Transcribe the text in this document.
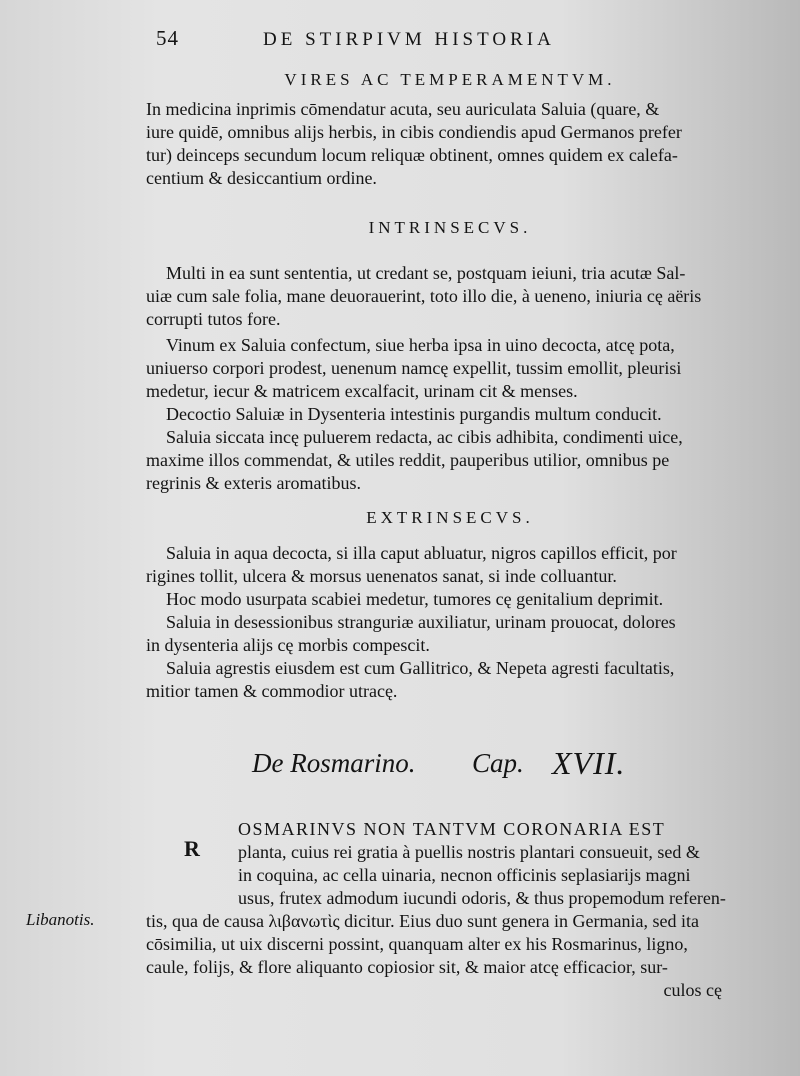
54	DE STIRPIVM HISTORIA
VIRES AC TEMPERAMENTVM.
In medicina inprimis cōmendatur acuta, seu auriculata Saluia (quare, &
iure quidē, omnibus alijs herbis, in cibis condiendis apud Germanos prefer
tur) deinceps secundum locum reliquæ obtinent, omnes quidem ex calefa-
centium & desiccantium ordine.
INTRINSECVS.
Multi in ea sunt sententia, ut credant se, postquam ieiuni, tria acutæ Sal-
uiæ cum sale folia, mane deuorauerint, toto illo die, à ueneno, iniuria cę aëris
corrupti tutos fore.
Vinum ex Saluia confectum, siue herba ipsa in uino decocta, atcę pota,
uniuerso corpori prodest, uenenum namcę expellit, tussim emollit, pleurisi
medetur, iecur & matricem excalfacit, urinam cit & menses.
Decoctio Saluiæ in Dysenteria intestinis purgandis multum conducit.
Saluia siccata incę puluerem redacta, ac cibis adhibita, condimenti uice,
maxime illos commendat, & utiles reddit, pauperibus utilior, omnibus pe
regrinis & exteris aromatibus.
EXTRINSECVS.
Saluia in aqua decocta, si illa caput abluatur, nigros capillos efficit, por
rigines tollit, ulcera & morsus uenenatos sanat, si inde colluantur.
Hoc modo usurpata scabiei medetur, tumores cę genitalium deprimit.
Saluia in desessionibus stranguriæ auxiliatur, urinam prouocat, dolores
in dysenteria alijs cę morbis compescit.
Saluia agrestis eiusdem est cum Gallitrico, & Nepeta agresti facultatis,
mitior tamen & commodior utracę.
De Rosmarino. Cap. XVII.
R
Libanotis.
OSMARINVS NON TANTVM CORONARIA EST
planta, cuius rei gratia à puellis nostris plantari consueuit, sed &
in coquina, ac cella uinaria, necnon officinis seplasiarijs magni
usus, frutex admodum iucundi odoris, & thus propemodum referen-
tis, qua de causa λιβανωτὶς dicitur. Eius duo sunt genera in Germania, sed ita
cōsimilia, ut uix discerni possint, quanquam alter ex his Rosmarinus, ligno,
caule, folijs, & flore aliquanto copiosior sit, & maior atcę efficacior, sur-
culos cę
